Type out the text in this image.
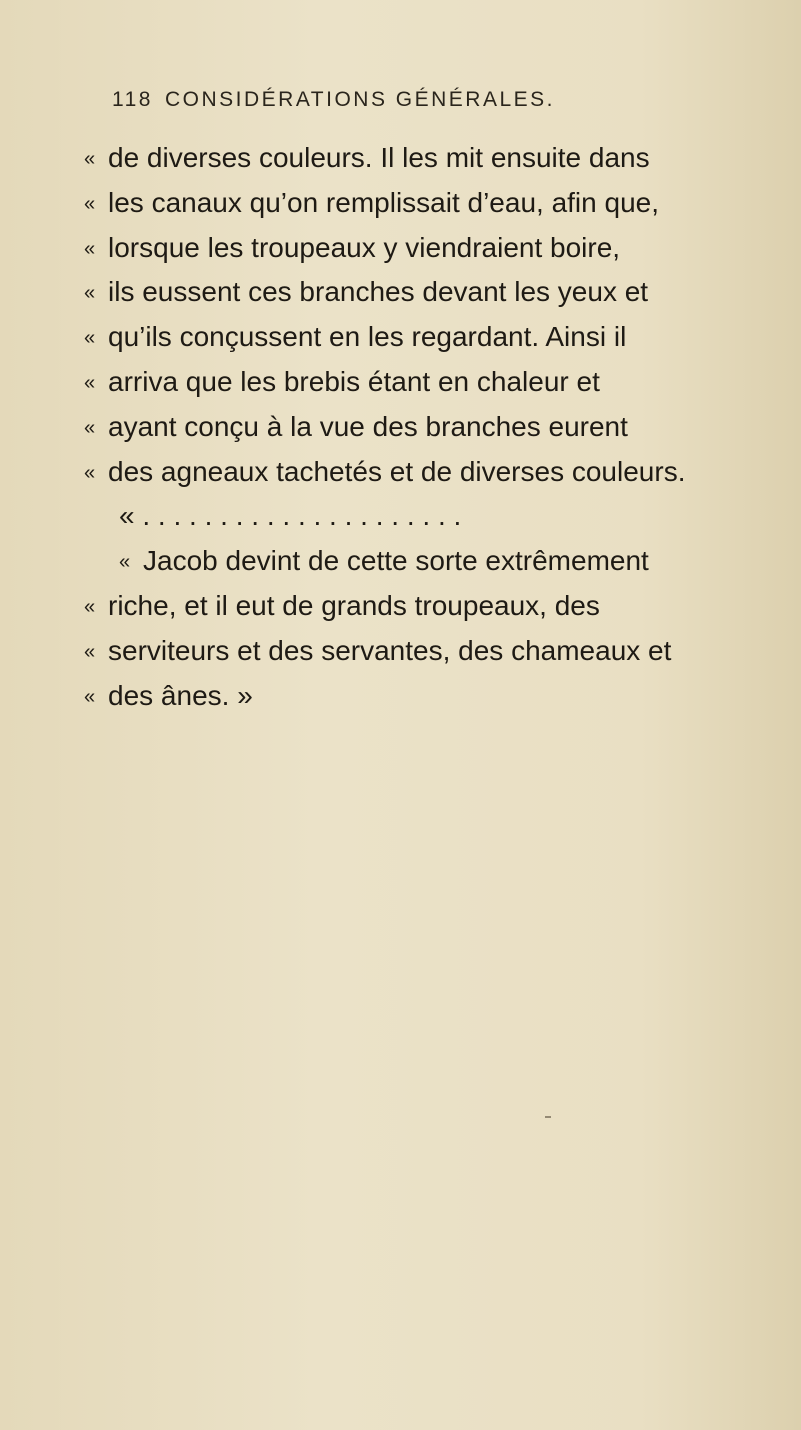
118 CONSIDÉRATIONS GÉNÉRALES.
« de diverses couleurs. Il les mit ensuite dans
« les canaux qu’on remplissait d’eau, afin que,
« lorsque les troupeaux y viendraient boire,
« ils eussent ces branches devant les yeux et
« qu’ils conçussent en les regardant. Ainsi il
« arriva que les brebis étant en chaleur et
« ayant conçu à la vue des branches eurent
« des agneaux tachetés et de diverses couleurs.
« . . . . . . . . . . . . . . . . . . . . .
« Jacob devint de cette sorte extrêmement
« riche, et il eut de grands troupeaux, des
« serviteurs et des servantes, des chameaux et
« des ânes. »
